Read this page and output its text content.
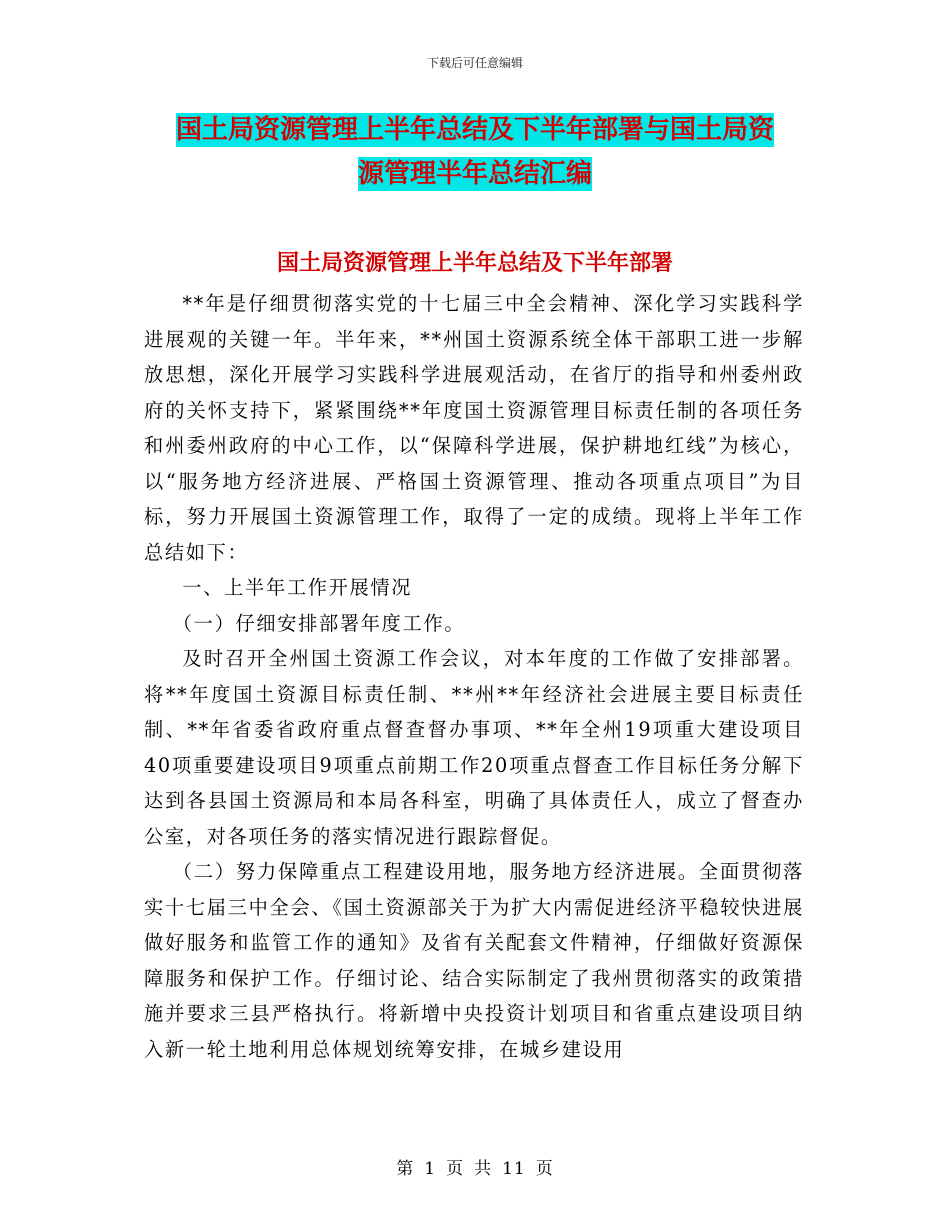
下载后可任意编辑
国土局资源管理上半年总结及下半年部署与国土局资
源管理半年总结汇编
国土局资源管理上半年总结及下半年部署

**年是仔细贯彻落实党的十七届三中全会精神、深化学习实践科学进展观的关键一年。半年来，**州国土资源系统全体干部职工进一步解放思想，深化开展学习实践科学进展观活动，在省厅的指导和州委州政府的关怀支持下，紧紧围绕**年度国土资源管理目标责任制的各项任务和州委州政府的中心工作，以“保障科学进展，保护耕地红线”为核心，以“服务地方经济进展、严格国土资源管理、推动各项重点项目”为目标，努力开展国土资源管理工作，取得了一定的成绩。现将上半年工作总结如下：

一、上半年工作开展情况

（一）仔细安排部署年度工作。

及时召开全州国土资源工作会议，对本年度的工作做了安排部署。将**年度国土资源目标责任制、**州**年经济社会进展主要目标责任制、**年省委省政府重点督查督办事项、**年全州19项重大建设项目40项重要建设项目9项重点前期工作20项重点督查工作目标任务分解下达到各县国土资源局和本局各科室，明确了具体责任人，成立了督查办公室，对各项任务的落实情况进行跟踪督促。

（二）努力保障重点工程建设用地，服务地方经济进展。全面贯彻落实十七届三中全会、《国土资源部关于为扩大内需促进经济平稳较快进展做好服务和监管工作的通知》及省有关配套文件精神，仔细做好资源保障服务和保护工作。仔细讨论、结合实际制定了我州贯彻落实的政策措施并要求三县严格执行。将新增中央投资计划项目和省重点建设项目纳入新一轮土地利用总体规划统筹安排，在城乡建设用

第 1 页 共 11 页
